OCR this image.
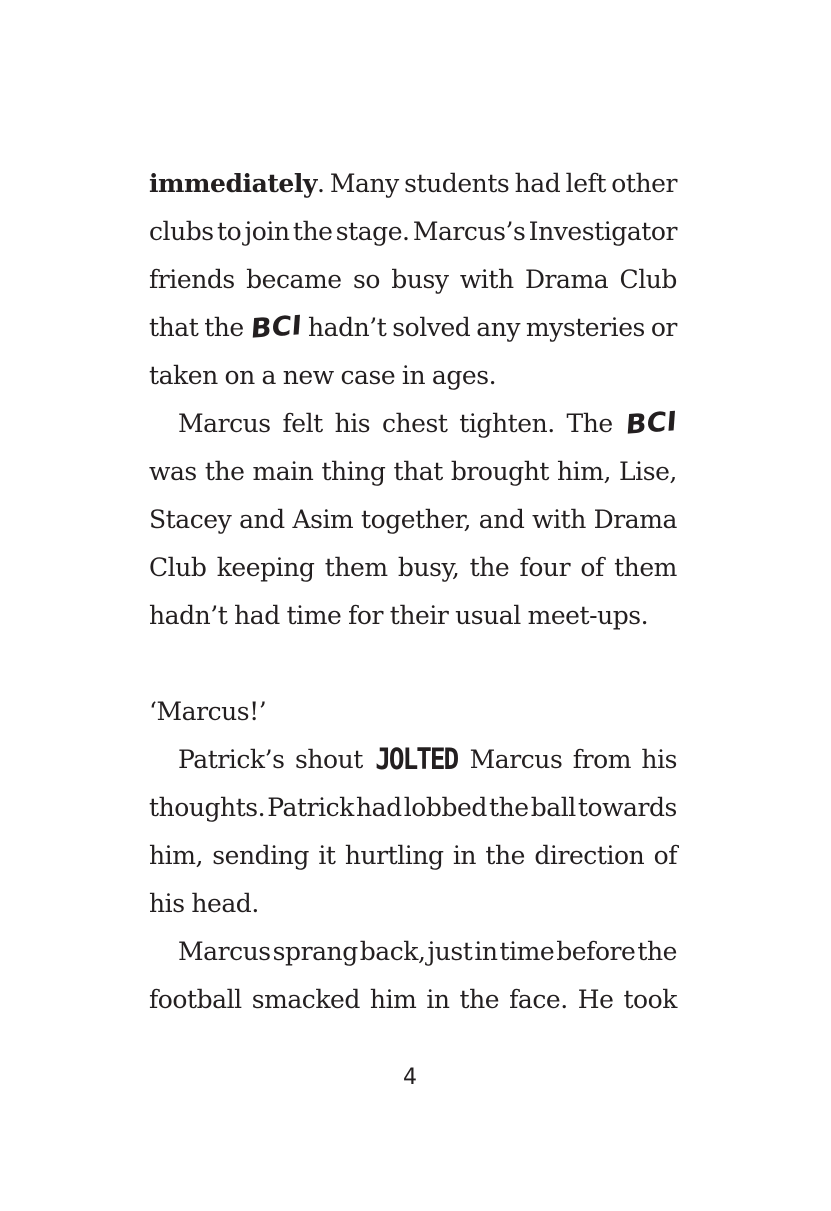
immediately. Many students had left other
clubs to join the stage. Marcus’s Investigator
friends became so busy with Drama Club
that the BCI hadn’t solved any mysteries or
taken on a new case in ages.
Marcus felt his chest tighten. The BCI
was the main thing that brought him, Lise,
Stacey and Asim together, and with Drama
Club keeping them busy, the four of them
hadn’t had time for their usual meet-ups.
‘Marcus!’
Patrick’s shout JOLTED Marcus from his
thoughts. Patrick had lobbed the ball towards
him, sending it hurtling in the direction of
his head.
Marcus sprang back, just in time before the
football smacked him in the face. He took
4
